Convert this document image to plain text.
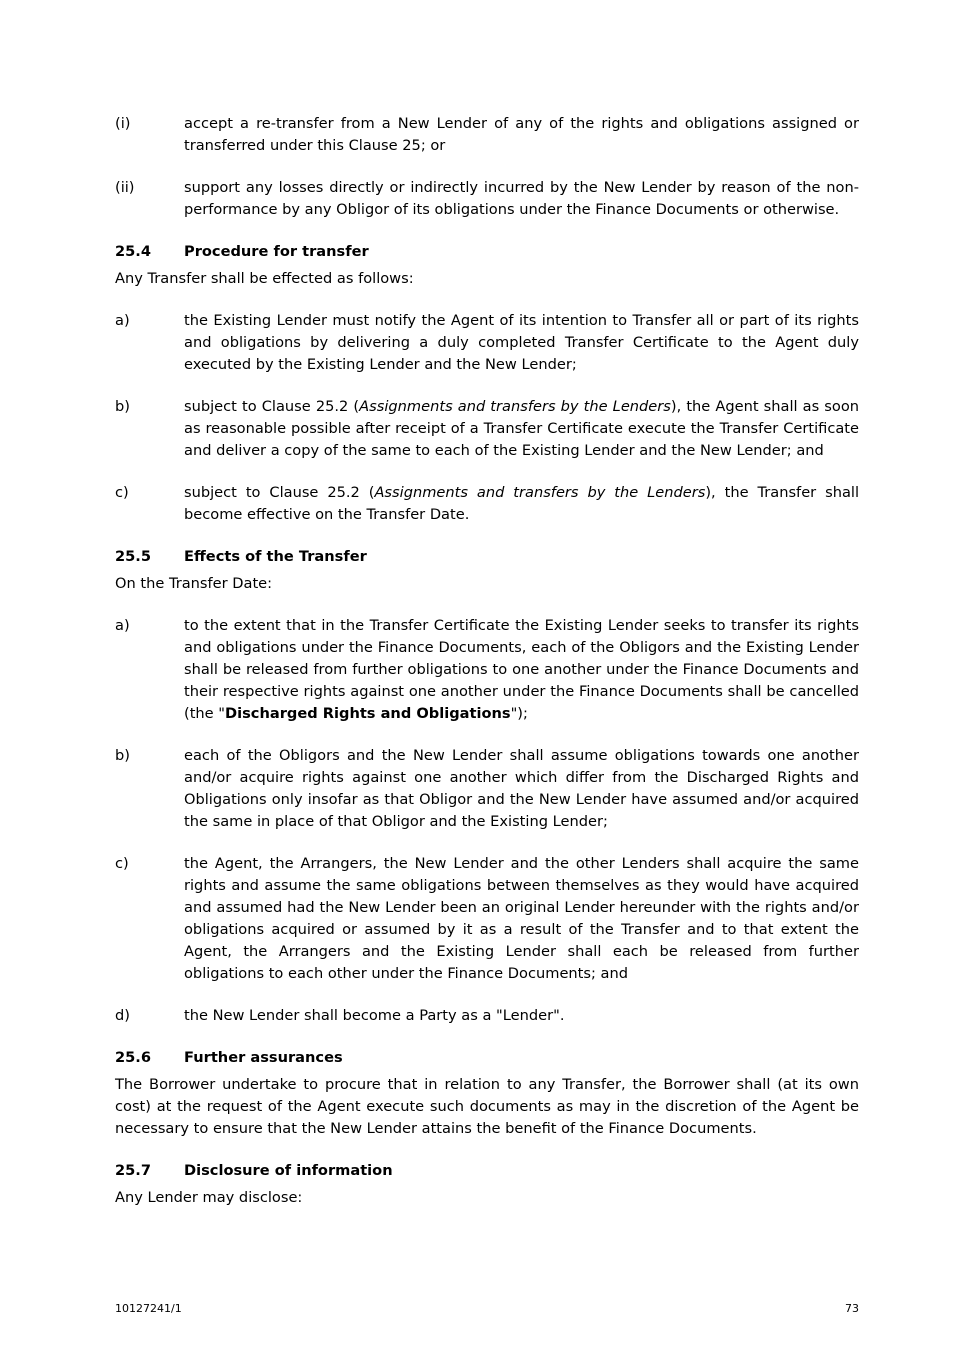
(i)	accept a re-transfer from a New Lender of any of the rights and obligations assigned or transferred under this Clause 25; or
(ii)	support any losses directly or indirectly incurred by the New Lender by reason of the non-performance by any Obligor of its obligations under the Finance Documents or otherwise.
25.4	Procedure for transfer

Any Transfer shall be effected as follows:

a)	the Existing Lender must notify the Agent of its intention to Transfer all or part of its rights and obligations by delivering a duly completed Transfer Certificate to the Agent duly executed by the Existing Lender and the New Lender;
b)	subject to Clause 25.2 (Assignments and transfers by the Lenders), the Agent shall as soon as reasonable possible after receipt of a Transfer Certificate execute the Transfer Certificate and deliver a copy of the same to each of the Existing Lender and the New Lender; and
c)	subject to Clause 25.2 (Assignments and transfers by the Lenders), the Transfer shall become effective on the Transfer Date.
25.5	Effects of the Transfer

On the Transfer Date:

a)	to the extent that in the Transfer Certificate the Existing Lender seeks to transfer its rights and obligations under the Finance Documents, each of the Obligors and the Existing Lender shall be released from further obligations to one another under the Finance Documents and their respective rights against one another under the Finance Documents shall be cancelled (the "Discharged Rights and Obligations");
b)	each of the Obligors and the New Lender shall assume obligations towards one another and/or acquire rights against one another which differ from the Discharged Rights and Obligations only insofar as that Obligor and the New Lender have assumed and/or acquired the same in place of that Obligor and the Existing Lender;
c)	the Agent, the Arrangers, the New Lender and the other Lenders shall acquire the same rights and assume the same obligations between themselves as they would have acquired and assumed had the New Lender been an original Lender hereunder with the rights and/or obligations acquired or assumed by it as a result of the Transfer and to that extent the Agent, the Arrangers and the Existing Lender shall each be released from further obligations to each other under the Finance Documents; and
d)	the New Lender shall become a Party as a "Lender".
25.6	Further assurances

The Borrower undertake to procure that in relation to any Transfer, the Borrower shall (at its own cost) at the request of the Agent execute such documents as may in the discretion of the Agent be necessary to ensure that the New Lender attains the benefit of the Finance Documents.

25.7	Disclosure of information

Any Lender may disclose:

10127241/1	73
